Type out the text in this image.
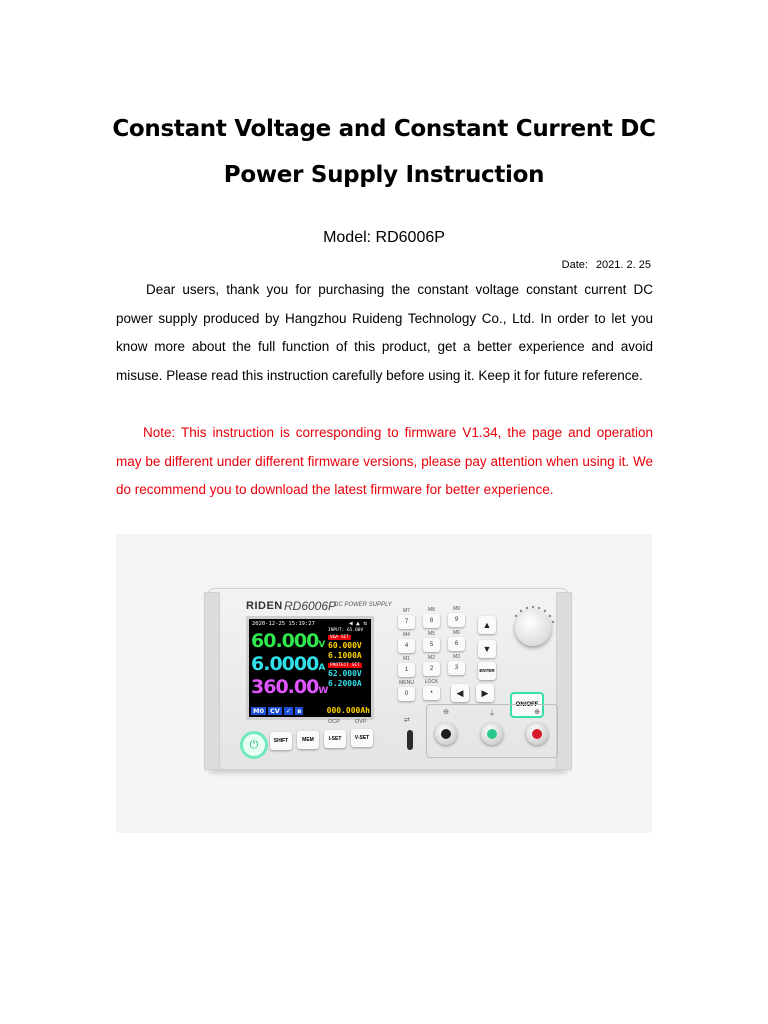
Constant Voltage and Constant Current DC
Power Supply Instruction
Model: RD6006P
Date: 2021. 2. 25

Dear users, thank you for purchasing the constant voltage constant current DC power supply produced by Hangzhou Ruideng Technology Co., Ltd. In order to let you know more about the full function of this product, get a better experience and avoid misuse. Please read this instruction carefully before using it. Keep it for future reference.

Note: This instruction is corresponding to firmware V1.34, the page and operation may be different under different firmware versions, please pay attention when using it. We do recommend you to download the latest firmware for better experience.

RIDEN RD6006P
DC POWER SUPPLY
2020-12-25 15:19:27	◀ ▲ ⇆
60.000V
6.0000A
360.00W
INPUT: 65.00V
V&A SET
60.000V
6.1000A
PROTECT SET
62.000V
6.2000A
M0 CV ✓ ʙ	000.000Ah
M7	M8	M9
7	8	9
M4	M5	M6
4	5	6
M1	M2	M3
1	2	3
MENU	LOCK
0	•
▲
▼
ENTER
◀	▶
ON/OFF
⏻
OCP	OVP
SHIFT	MEM	I-SET	V-SET
⇄
⊖	⏚	⊕
